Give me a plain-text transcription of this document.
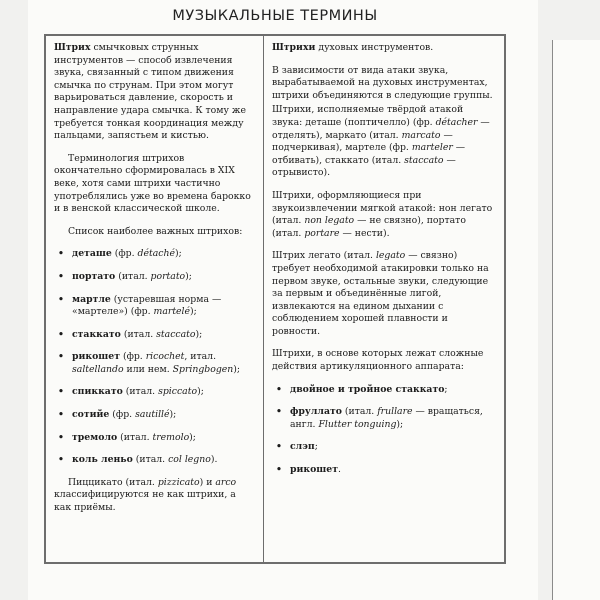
МУЗЫКАЛЬНЫЕ ТЕРМИНЫ

Штрих смычковых струнных инструментов — способ извлечения звука, связанный с типом движения смычка по струнам. При этом могут варьироваться давление, скорость и направление удара смычка. К тому же требуется тонкая координация между пальцами, запястьем и кистью.

Терминология штрихов окончательно сформировалась в XIX веке, хотя сами штрихи частично употреблялись уже во времена барокко и в венской классической школе.

Список наиболее важных штрихов:

• деташе (фр. détaché);
• портато (итал. portato);
• мартле (устаревшая норма — «мартеле») (фр. martelé);
• стаккато (итал. staccato);
• рикошет (фр. ricochet, итал. saltellando или нем. Springbogen);
• спиккато (итал. spiccato);
• сотийе (фр. sautillé);
• тремоло (итал. tremolo);
• коль леньо (итал. col legno).

Пиццикато (итал. pizzicato) и arco классифицируются не как штрихи, а как приёмы.

Штрихи духовых инструментов.

В зависимости от вида атаки звука, вырабатываемой на духовых инструментах, штрихи объединяются в следующие группы.

Штрихи, исполняемые твёрдой атакой звука: деташе (поптичелло) (фр. détacher — отделять), маркато (итал. marcato — подчеркивая), мартеле (фр. marteler — отбивать), стаккато (итал. staccato — отрывисто).

Штрихи, оформляющиеся при звукоизвлечении мягкой атакой: нон легато (итал. non legato — не связно), портато (итал. portare — нести).

Штрих легато (итал. legato — связно) требует необходимой атакировки только на первом звуке, остальные звуки, следующие за первым и объединённые лигой, извлекаются на едином дыхании с соблюдением хорошей плавности и ровности.

Штрихи, в основе которых лежат сложные действия артикуляционного аппарата:

• двойное и тройное стаккато;
• фруллато (итал. frullare — вращаться, англ. Flutter tonguing);
• слэп;
• рикошет.
